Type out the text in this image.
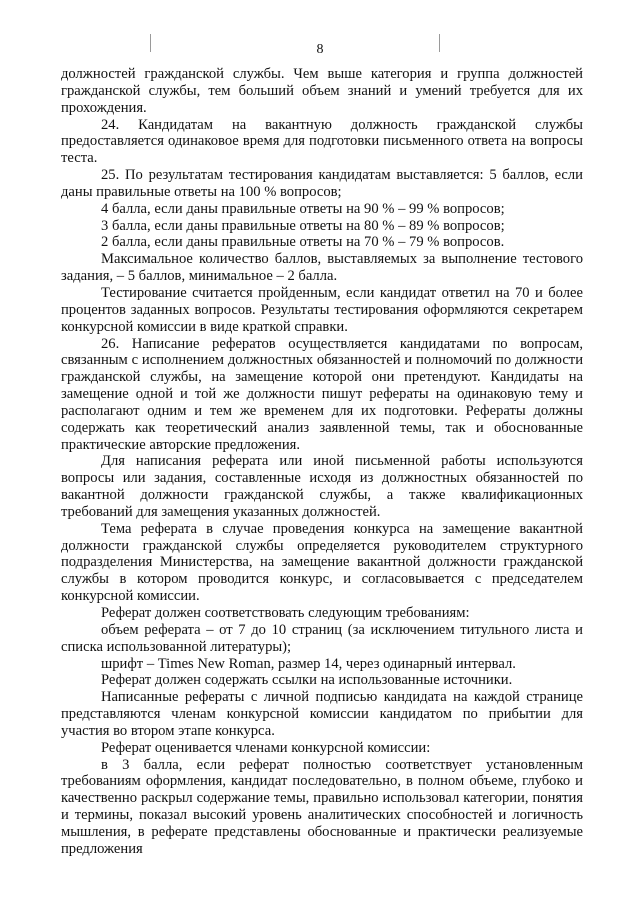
8

должностей гражданской службы. Чем выше категория и группа должностей гражданской службы, тем больший объем знаний и умений требуется для их прохождения.

24. Кандидатам на вакантную должность гражданской службы предоставляется одинаковое время для подготовки письменного ответа на вопросы теста.

25. По результатам тестирования кандидатам выставляется: 5 баллов, если даны правильные ответы на 100 % вопросов;

4 балла, если даны правильные ответы на 90 % – 99 % вопросов;

3 балла, если даны правильные ответы на 80 % – 89 % вопросов;

2 балла, если даны правильные ответы на 70 % – 79 % вопросов.

Максимальное количество баллов, выставляемых за выполнение тестового задания, – 5 баллов, минимальное – 2 балла.

Тестирование считается пройденным, если кандидат ответил на 70 и более процентов заданных вопросов. Результаты тестирования оформляются секретарем конкурсной комиссии в виде краткой справки.

26. Написание рефератов осуществляется кандидатами по вопросам, связанным с исполнением должностных обязанностей и полномочий по должности гражданской службы, на замещение которой они претендуют. Кандидаты на замещение одной и той же должности пишут рефераты на одинаковую тему и располагают одним и тем же временем для их подготовки. Рефераты должны содержать как теоретический анализ заявленной темы, так и обоснованные практические авторские предложения.

Для написания реферата или иной письменной работы используются вопросы или задания, составленные исходя из должностных обязанностей по вакантной должности гражданской службы, а также квалификационных требований для замещения указанных должностей.

Тема реферата в случае проведения конкурса на замещение вакантной должности гражданской службы определяется руководителем структурного подразделения Министерства, на замещение вакантной должности гражданской службы в котором проводится конкурс, и согласовывается с председателем конкурсной комиссии.

Реферат должен соответствовать следующим требованиям:

объем реферата – от 7 до 10 страниц (за исключением титульного листа и списка использованной литературы);

шрифт – Times New Roman, размер 14, через одинарный интервал.

Реферат должен содержать ссылки на использованные источники.

Написанные рефераты с личной подписью кандидата на каждой странице представляются членам конкурсной комиссии кандидатом по прибытии для участия во втором этапе конкурса.

Реферат оценивается членами конкурсной комиссии:

в 3 балла, если реферат полностью соответствует установленным требованиям оформления, кандидат последовательно, в полном объеме, глубоко и качественно раскрыл содержание темы, правильно использовал категории, понятия и термины, показал высокий уровень аналитических способностей и логичность мышления, в реферате представлены обоснованные и практически реализуемые предложения
